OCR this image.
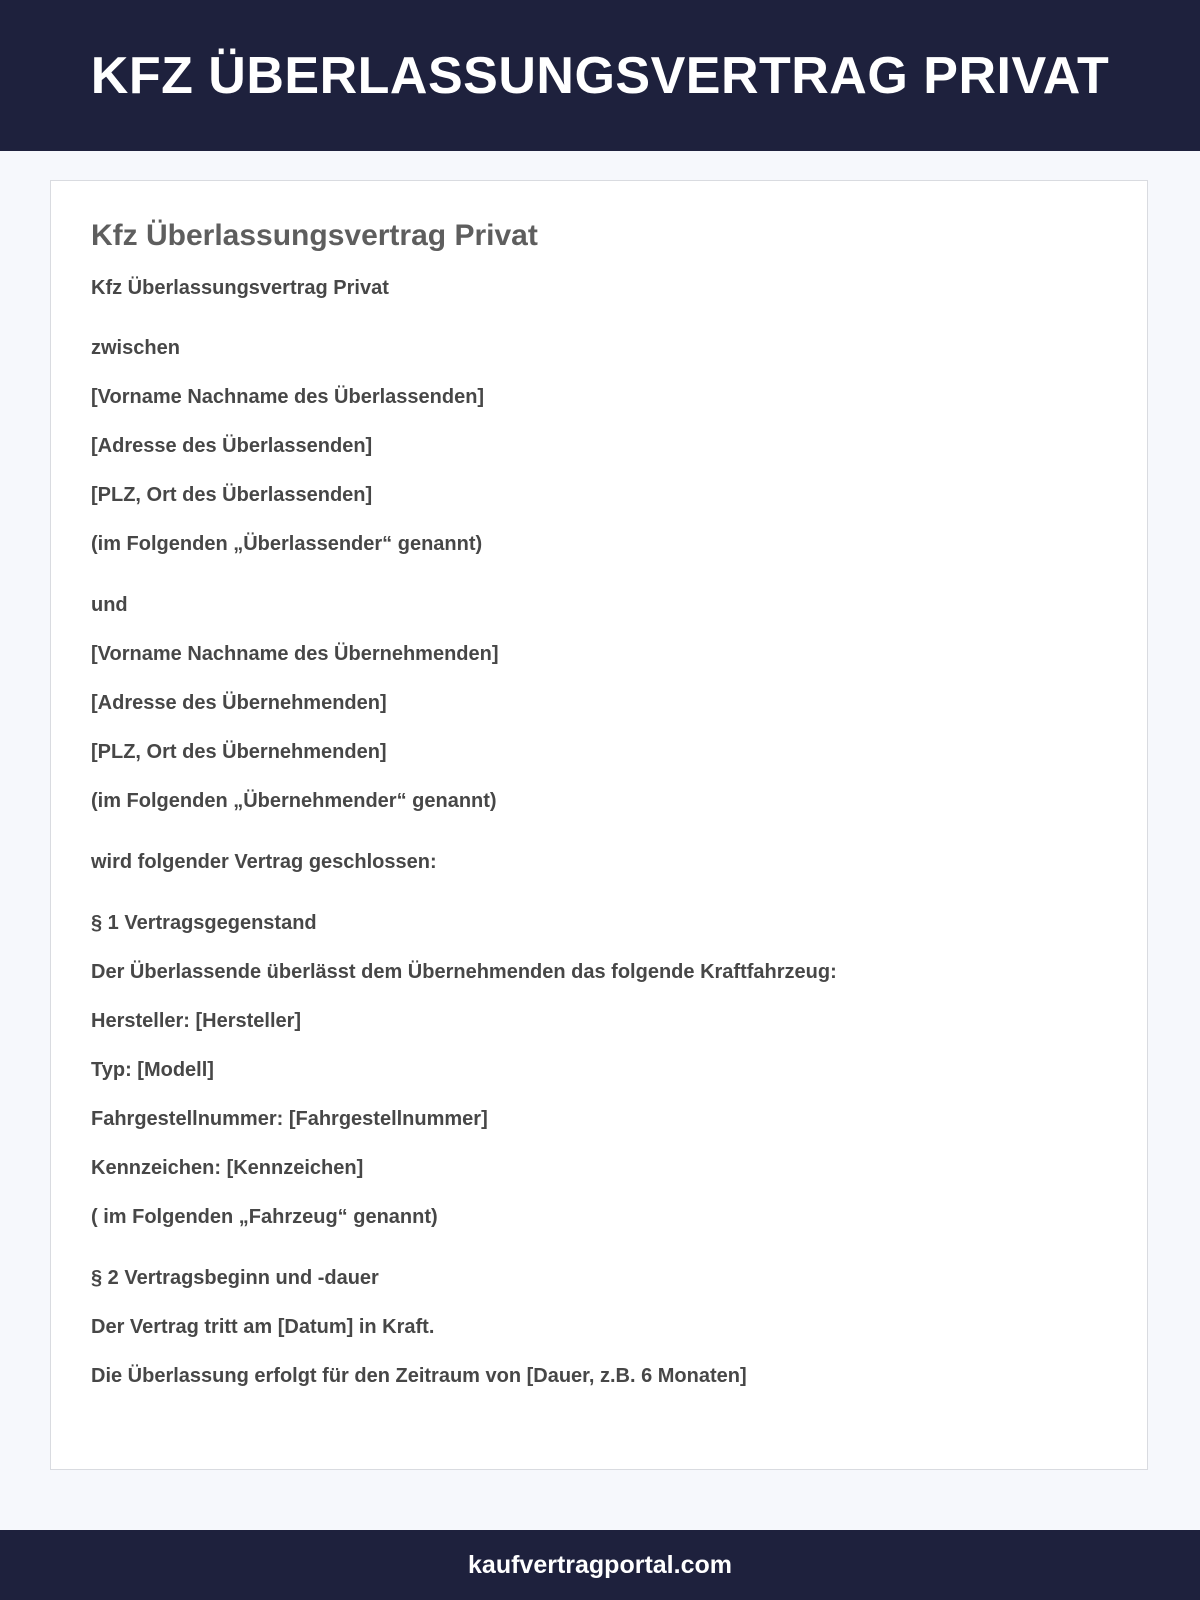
KFZ ÜBERLASSUNGSVERTRAG PRIVAT
Kfz Überlassungsvertrag Privat

Kfz Überlassungsvertrag Privat

zwischen

[Vorname Nachname des Überlassenden]

[Adresse des Überlassenden]

[PLZ, Ort des Überlassenden]

(im Folgenden „Überlassender“ genannt)

und

[Vorname Nachname des Übernehmenden]

[Adresse des Übernehmenden]

[PLZ, Ort des Übernehmenden]

(im Folgenden „Übernehmender“ genannt)

wird folgender Vertrag geschlossen:

§ 1 Vertragsgegenstand

Der Überlassende überlässt dem Übernehmenden das folgende Kraftfahrzeug:

Hersteller: [Hersteller]

Typ: [Modell]

Fahrgestellnummer: [Fahrgestellnummer]

Kennzeichen: [Kennzeichen]

( im Folgenden „Fahrzeug“ genannt)

§ 2 Vertragsbeginn und -dauer

Der Vertrag tritt am [Datum] in Kraft.

Die Überlassung erfolgt für den Zeitraum von [Dauer, z.B. 6 Monaten]

kaufvertragportal.com
